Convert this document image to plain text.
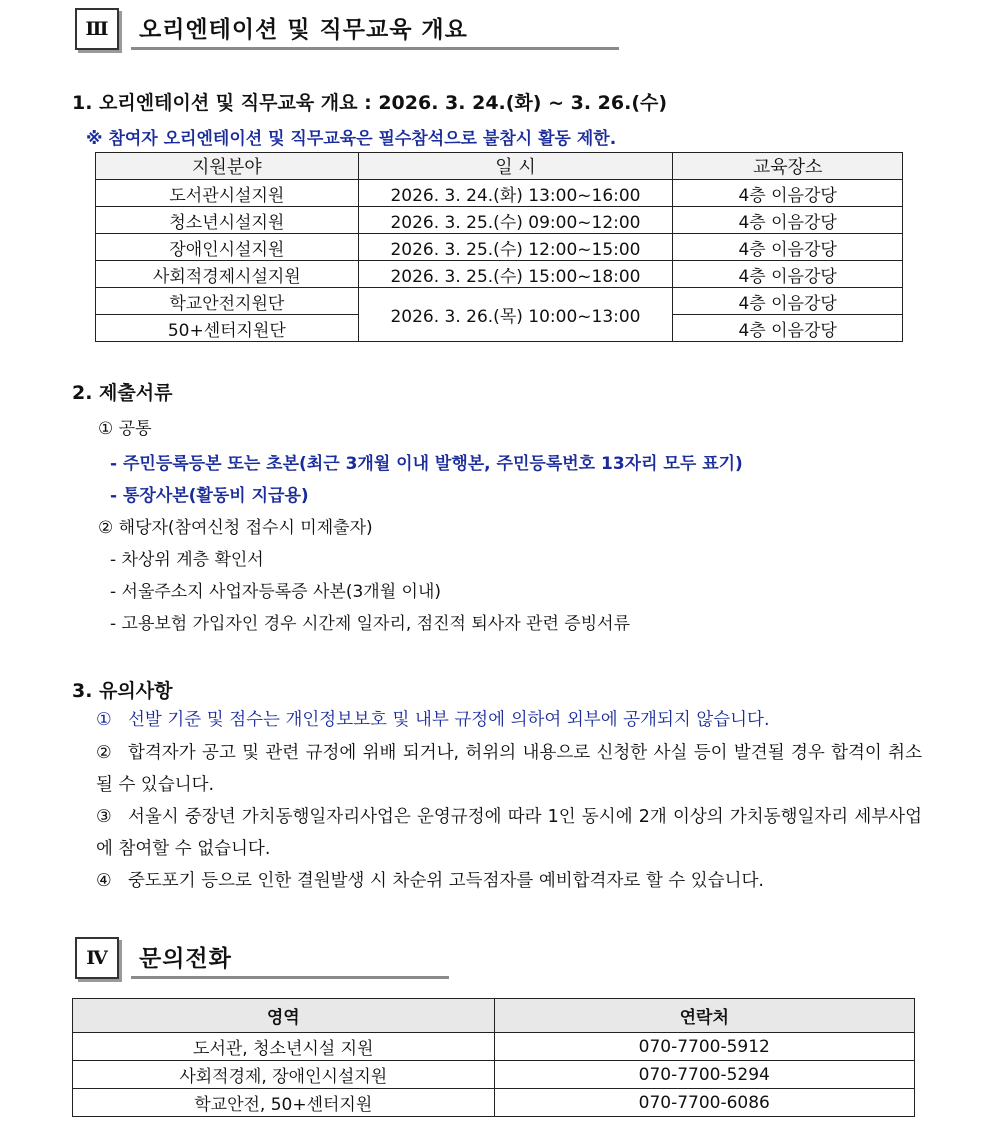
Ⅲ	오리엔테이션 및 직무교육 개요
1. 오리엔테이션 및 직무교육 개요 : 2026. 3. 24.(화) ~ 3. 26.(수)
※ 참여자 오리엔테이션 및 직무교육은 필수참석으로 불참시 활동 제한.
지원분야	일 시	교육장소
도서관시설지원	2026. 3. 24.(화) 13:00~16:00	4층 이음강당
청소년시설지원	2026. 3. 25.(수) 09:00~12:00	4층 이음강당
장애인시설지원	2026. 3. 25.(수) 12:00~15:00	4층 이음강당
사회적경제시설지원	2026. 3. 25.(수) 15:00~18:00	4층 이음강당
학교안전지원단	2026. 3. 26.(목) 10:00~13:00	4층 이음강당
50+센터지원단		4층 이음강당
2. 제출서류
① 공통
- 주민등록등본 또는 초본(최근 3개월 이내 발행본, 주민등록번호 13자리 모두 표기)
- 통장사본(활동비 지급용)
② 해당자(참여신청 접수시 미제출자)
- 차상위 계층 확인서
- 서울주소지 사업자등록증 사본(3개월 이내)
- 고용보험 가입자인 경우 시간제 일자리, 점진적 퇴사자 관련 증빙서류
3. 유의사항
① 선발 기준 및 점수는 개인정보보호 및 내부 규정에 의하여 외부에 공개되지 않습니다.
② 합격자가 공고 및 관련 규정에 위배 되거나, 허위의 내용으로 신청한 사실 등이 발견될 경우 합격이 취소될 수 있습니다.
③ 서울시 중장년 가치동행일자리사업은 운영규정에 따라 1인 동시에 2개 이상의 가치동행일자리 세부사업에 참여할 수 없습니다.
④ 중도포기 등으로 인한 결원발생 시 차순위 고득점자를 예비합격자로 할 수 있습니다.
Ⅳ	문의전화
영역	연락처
도서관, 청소년시설 지원	070-7700-5912
사회적경제, 장애인시설지원	070-7700-5294
학교안전, 50+센터지원	070-7700-6086
